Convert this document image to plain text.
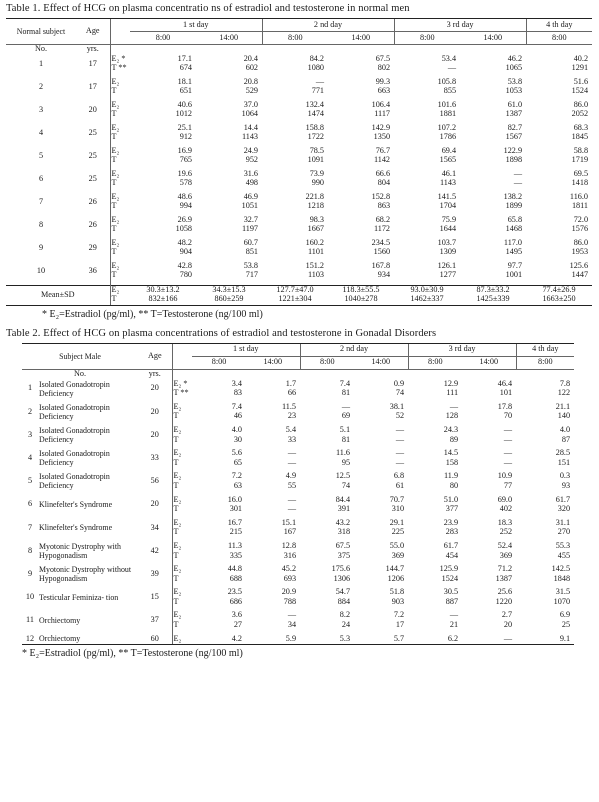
Table 1. Effect of HCG on plasma concentratio ns of estradiol and testosterone in normal men
Normal subject	Age		1 st day		2 nd day		3 rd day		4 th day
			8:00	14:00	8:00	14:00	8:00	14:00	8:00
No.	yrs.								
1	17	E₂ *	17.1	20.4	84.2	67.5	53.4	46.2	40.2
		T **	674	602	1080	802	—	1065	1291

2	17	E₂	18.1	20.8	—	99.3	105.8	53.8	51.6
		T	651	529	771	663	855	1053	1524

3	20	E₂	40.6	37.0	132.4	106.4	101.6	61.0	86.0
		T	1012	1064	1474	1117	1881	1387	2052

4	25	E₂	25.1	14.4	158.8	142.9	107.2	82.7	68.3
		T	912	1143	1722	1350	1786	1567	1845

5	25	E₂	16.9	24.9	78.5	76.7	69.4	122.9	58.8
		T	765	952	1091	1142	1565	1898	1719

6	25	E₂	19.6	31.6	73.9	66.6	46.1	—	69.5
		T	578	498	990	804	1143	—	1418

7	26	E₂	48.6	46.9	221.8	152.8	141.5	138.2	116.0
		T	994	1051	1218	863	1704	1899	1811

8	26	E₂	26.9	32.7	98.3	68.2	75.9	65.8	72.0
		T	1058	1197	1667	1172	1644	1468	1576

9	29	E₂	48.2	60.7	160.2	234.5	103.7	117.0	86.0
		T	904	851	1101	1560	1309	1495	1953

10	36	E₂	42.8	53.8	151.2	167.8	126.1	97.7	125.6
		T	780	717	1103	934	1277	1001	1447

Mean±SD		E₂	30.3±13.2	34.3±15.3	127.7±47.0	118.3±55.5	93.0±30.9	87.3±33.2	77.4±26.9
		T	832±166	860±259	1221±304	1040±278	1462±337	1425±339	1663±250
* E₂=Estradiol (pg/ml), ** T=Testosterone (ng/100 ml)
Table 2. Effect of HCG on plasma concentrations of estradiol and testosterone in Gonadal Disorders
Subject Male		Age		1 st day		2 nd day		3 rd day		4 th day
				8:00	14:00	8:00	14:00	8:00	14:00	8:00
No.		yrs.								
1	Isolated Gonadotropin Deficiency	20	E₂ *	3.4	1.7	7.4	0.9	12.9	46.4	7.8
			T **	83	66	81	74	111	101	122

2	Isolated Gonadotropin Deficiency	20	E₂	7.4	11.5	—	38.1	—	17.8	21.1
			T	46	23	69	52	128	70	140

3	Isolated Gonadotropin Deficiency	20	E₂	4.0	5.4	5.1	—	24.3	—	4.0
			T	30	33	81	—	89	—	87

4	Isolated Gonadotropin Deficiency	33	E₂	5.6	—	11.6	—	14.5	—	28.5
			T	65	—	95	—	158	—	151

5	Isolated Gonadotropin Deficiency	56	E₂	7.2	4.9	12.5	6.8	11.9	10.9	0.3
			T	63	55	74	61	80	77	93

6	Klinefelter's Syndrome	20	E₂	16.0	—	84.4	70.7	51.0	69.0	61.7
			T	301	—	391	310	377	402	320

7	Klinefelter's Syndrome	34	E₂	16.7	15.1	43.2	29.1	23.9	18.3	31.1
			T	215	167	318	225	283	252	270

8	Myotonic Dystrophy with Hypogonadism	42	E₂	11.3	12.8	67.5	55.0	61.7	52.4	55.3
			T	335	316	375	369	454	369	455

9	Myotonic Dystrophy without Hypogonadism	39	E₂	44.8	45.2	175.6	144.7	125.9	71.2	142.5
			T	688	693	1306	1206	1524	1387	1848

10	Testicular Feminiza- tion	15	E₂	23.5	20.9	54.7	51.8	30.5	25.6	31.5
			T	686	788	884	903	887	1220	1070

11	Orchiectomy	37	E₂	3.6	—	8.2	7.2	—	2.7	6.9
			T	27	34	24	17	21	20	25

12	Orchiectomy	60	E₂	4.2	5.9	5.3	5.7	6.2	—	9.1
* E₂=Estradiol (pg/ml), ** T=Testosterone (ng/100 ml)
